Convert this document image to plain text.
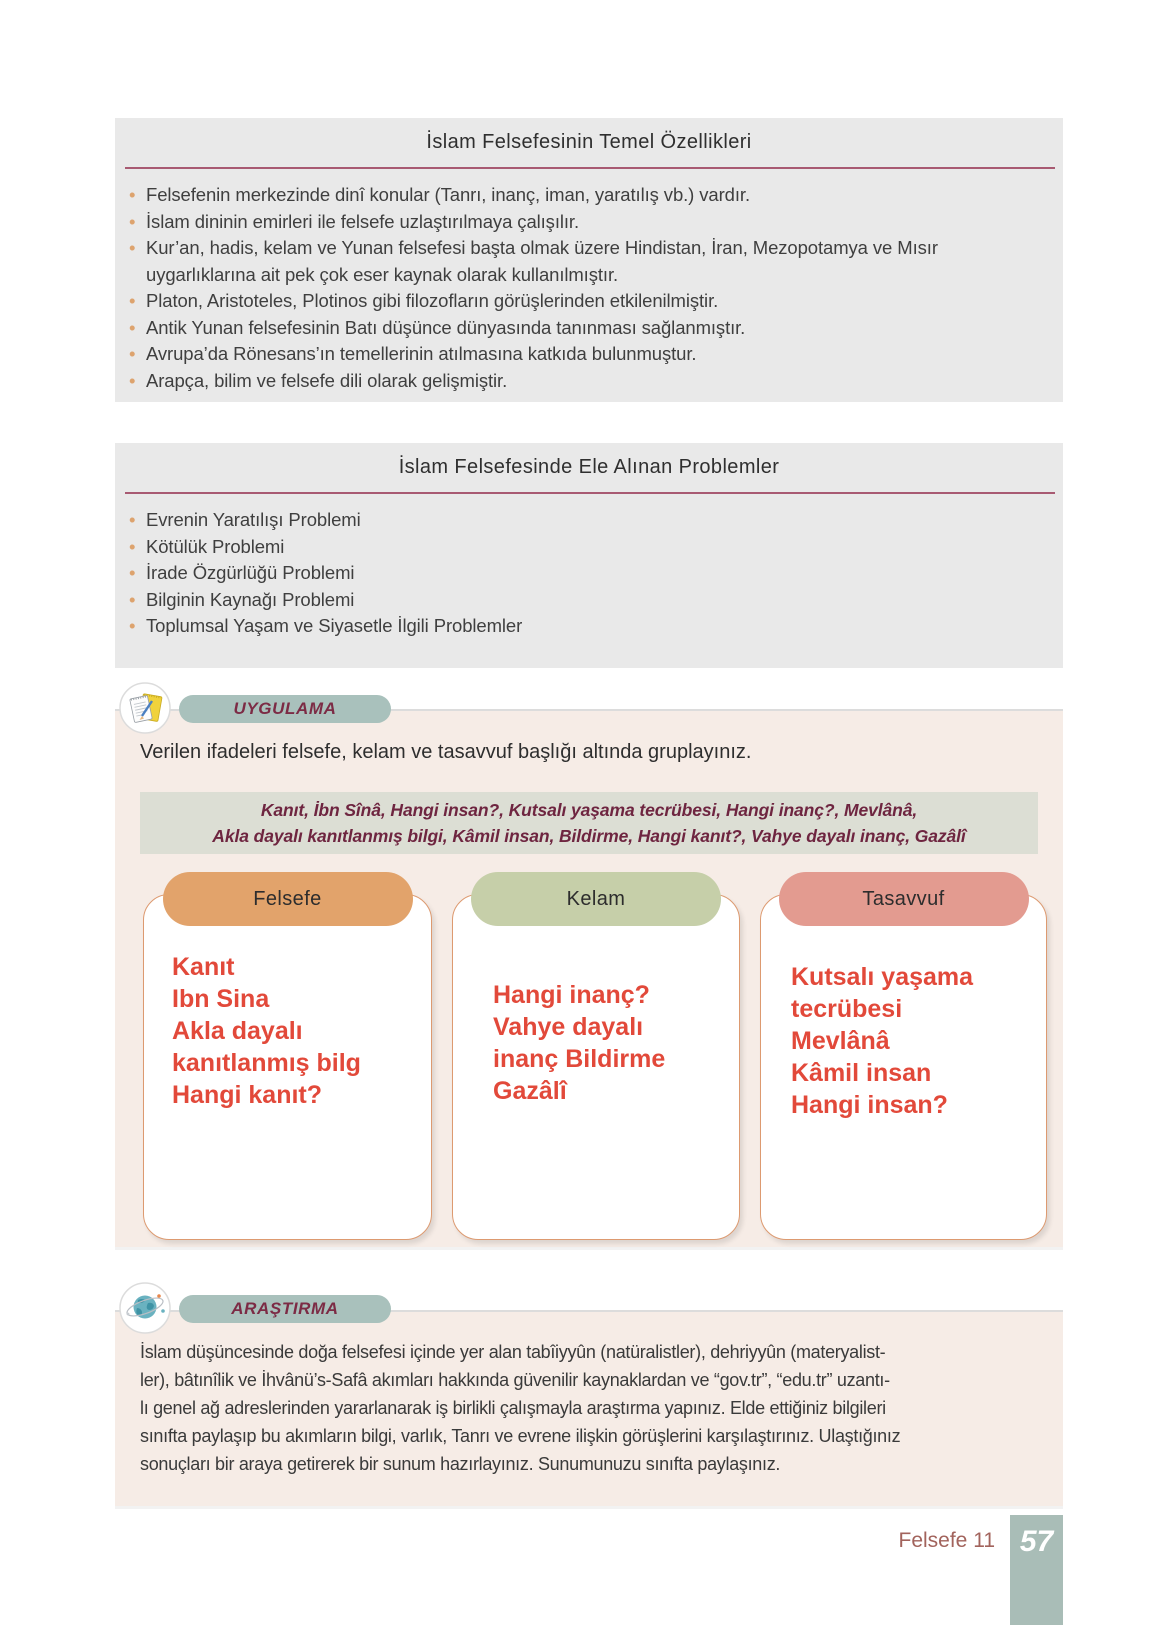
İslam Felsefesinin Temel Özellikleri
• Felsefenin merkezinde dinî konular (Tanrı, inanç, iman, yaratılış vb.) vardır.
• İslam dininin emirleri ile felsefe uzlaştırılmaya çalışılır.
• Kur’an, hadis, kelam ve Yunan felsefesi başta olmak üzere Hindistan, İran, Mezopotamya ve Mısır uygarlıklarına ait pek çok eser kaynak olarak kullanılmıştır.
• Platon, Aristoteles, Plotinos gibi filozofların görüşlerinden etkilenilmiştir.
• Antik Yunan felsefesinin Batı düşünce dünyasında tanınması sağlanmıştır.
• Avrupa’da Rönesans’ın temellerinin atılmasına katkıda bulunmuştur.
• Arapça, bilim ve felsefe dili olarak gelişmiştir.
İslam Felsefesinde Ele Alınan Problemler
• Evrenin Yaratılışı Problemi
• Kötülük Problemi
• İrade Özgürlüğü Problemi
• Bilginin Kaynağı Problemi
• Toplumsal Yaşam ve Siyasetle İlgili Problemler
UYGULAMA
Verilen ifadeleri felsefe, kelam ve tasavvuf başlığı altında gruplayınız.
Kanıt, İbn Sînâ, Hangi insan?, Kutsalı yaşama tecrübesi, Hangi inanç?, Mevlânâ,
Akla dayalı kanıtlanmış bilgi, Kâmil insan, Bildirme, Hangi kanıt?, Vahye dayalı inanç, Gazâlî
Felsefe
Kanıt
Ibn Sina
Akla dayalı
kanıtlanmış bilg
Hangi kanıt?
Kelam
Hangi inanç?
Vahye dayalı
inanç Bildirme
Gazâlî
Tasavvuf
Kutsalı yaşama
tecrübesi
Mevlânâ
Kâmil insan
Hangi insan?
ARAŞTIRMA
İslam düşüncesinde doğa felsefesi içinde yer alan tabîiyyûn (natüralistler), dehriyyûn (materyalist-
ler), bâtınîlik ve İhvânü’s-Safâ akımları hakkında güvenilir kaynaklardan ve “gov.tr”, “edu.tr” uzantı-
lı genel ağ adreslerinden yararlanarak iş birlikli çalışmayla araştırma yapınız. Elde ettiğiniz bilgileri
sınıfta paylaşıp bu akımların bilgi, varlık, Tanrı ve evrene ilişkin görüşlerini karşılaştırınız. Ulaştığınız
sonuçları bir araya getirerek bir sunum hazırlayınız. Sunumunuzu sınıfta paylaşınız.
Felsefe 11 57
